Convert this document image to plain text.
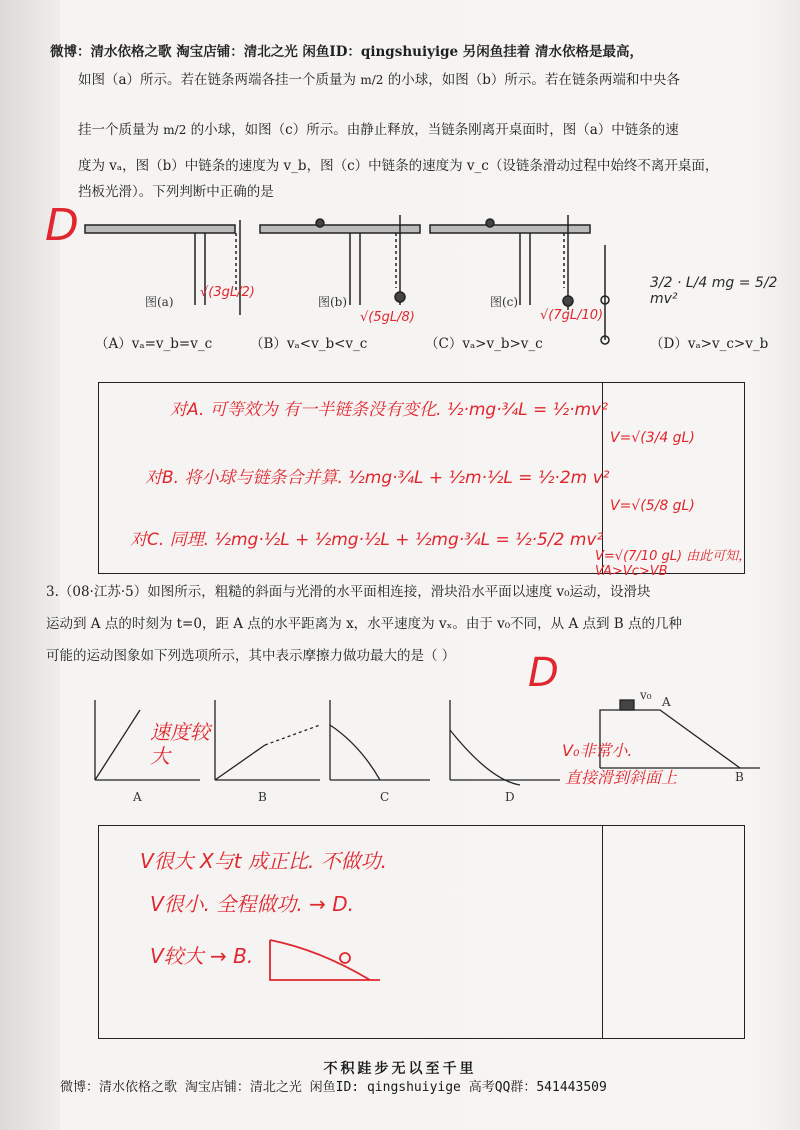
微博：清水依格之歌 淘宝店铺：清北之光 闲鱼ID：qingshuiyige 另闲鱼挂着 清水依格是最高，
如图（a）所示。若在链条两端各挂一个质量为 m/2 的小球，如图（b）所示。若在链条两端和中央各
挂一个质量为 m/2 的小球，如图（c）所示。由静止释放，当链条刚离开桌面时，图（a）中链条的速
度为 vₐ，图（b）中链条的速度为 v_b，图（c）中链条的速度为 v_c（设链条滑动过程中始终不离开桌面，
挡板光滑）。下列判断中正确的是
图(a)	图(b)	图(c)
（A）vₐ=v_b=v_c	（B）vₐ<v_b<v_c	（C）vₐ>v_b>v_c	（D）vₐ>v_c>v_b
D
√(3gL/2)
√(5gL/8)	√(7gL/10)
3/2 · L/4 mg = 5/2 mv²
对A. 可等效为 有一半链条没有变化. ½·mg·¾L = ½·mv²
V=√(3/4 gL)
对B. 将小球与链条合并算. ½mg·¾L + ½m·½L = ½·2m v²
V=√(5/8 gL)
对C. 同理. ½mg·½L + ½mg·½L + ½mg·¾L = ½·5/2 mv²
V=√(7/10 gL) 由此可知，VA>Vc>VB
3.（08·江苏·5）如图所示，粗糙的斜面与光滑的水平面相连接，滑块沿水平面以速度 v₀运动，设滑块
运动到 A 点的时刻为 t=0，距 A 点的水平距离为 x，水平速度为 vₓ。由于 v₀不同，从 A 点到 B 点的几种
可能的运动图象如下列选项所示，其中表示摩擦力做功最大的是（ ） D
A	B	C	D
A
B
v₀
速度较大	V₀非常小.
直接滑到斜面上
V很大 X与t 成正比. 不做功.
V很小. 全程做功. → D.
V较大 → B.
不积跬步无以至千里
微博：清水依格之歌 淘宝店铺：清北之光 闲鱼ID: qingshuiyige 高考QQ群：541443509
